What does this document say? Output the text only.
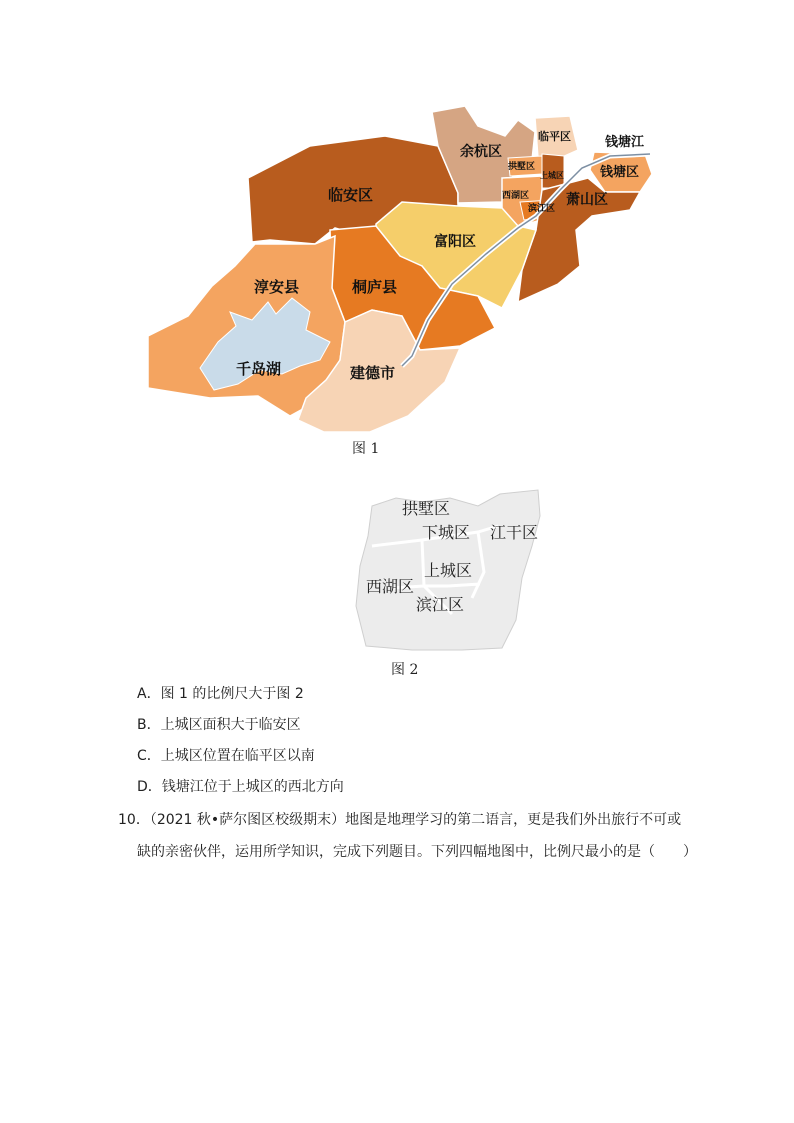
余杭区
临平区	钱塘江
钱塘区
拱墅区
上城区
西湖区
滨江区
萧山区
临安区
富阳区
淳安县	桐庐县
千岛湖	建德市
图 1
拱墅区
下城区 江干区
上城区
西湖区
滨江区
图 2
A．图 1 的比例尺大于图 2
B．上城区面积大于临安区
C．上城区位置在临平区以南
D．钱塘江位于上城区的西北方向
10．（2021 秋•萨尔图区校级期末）地图是地理学习的第二语言，更是我们外出旅行不可或
缺的亲密伙伴，运用所学知识，完成下列题目。下列四幅地图中，比例尺最小的是（　　）
